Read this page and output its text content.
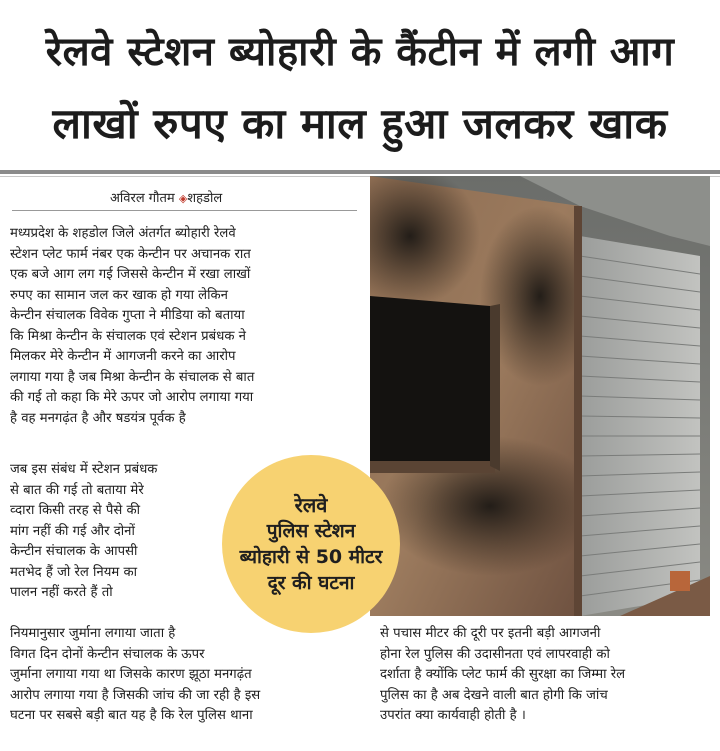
रेलवे स्टेशन ब्योहारी के कैंटीन में लगी आग
लाखों रुपए का माल हुआ जलकर खाक
अविरल गौतम ◈शहडोल
मध्यप्रदेश के शहडोल जिले अंतर्गत ब्योहारी रेलवे
स्टेशन प्लेट फार्म नंबर एक केन्टीन पर अचानक रात
एक बजे आग लग गई जिससे केन्टीन में रखा लाखों
रुपए का सामान जल कर खाक हो गया लेकिन
केन्टीन संचालक विवेक गुप्ता ने मीडिया को बताया
कि मिश्रा केन्टीन के संचालक एवं स्टेशन प्रबंधक ने
मिलकर मेरे केन्टीन में आगजनी करने का आरोप
लगाया गया है जब मिश्रा केन्टीन के संचालक से बात
की गई तो कहा कि मेरे ऊपर जो आरोप लगाया गया
है वह मनगढ़ंत है और षडयंत्र पूर्वक है
जब इस संबंध में स्टेशन प्रबंधक
से बात की गई तो बताया मेरे
व्दारा किसी तरह से पैसे की
मांग नहीं की गई और दोनों
केन्टीन संचालक के आपसी
मतभेद हैं जो रेल नियम का
पालन नहीं करते हैं तो
नियमानुसार जुर्माना लगाया जाता है
विगत दिन दोनों केन्टीन संचालक के ऊपर
जुर्माना लगाया गया था जिसके कारण झूठा मनगढ़ंत
आरोप लगाया गया है जिसकी जांच की जा रही है इस
घटना पर सबसे बड़ी बात यह है कि रेल पुलिस थाना
से पचास मीटर की दूरी पर इतनी बड़ी आगजनी
होना रेल पुलिस की उदासीनता एवं लापरवाही को
दर्शाता है क्योंकि प्लेट फार्म की सुरक्षा का जिम्मा रेल
पुलिस का है अब देखने वाली बात होगी कि जांच
उपरांत क्या कार्यवाही होती है ।
रेलवे
पुलिस स्टेशन
ब्योहारी से 50 मीटर
दूर की घटना
